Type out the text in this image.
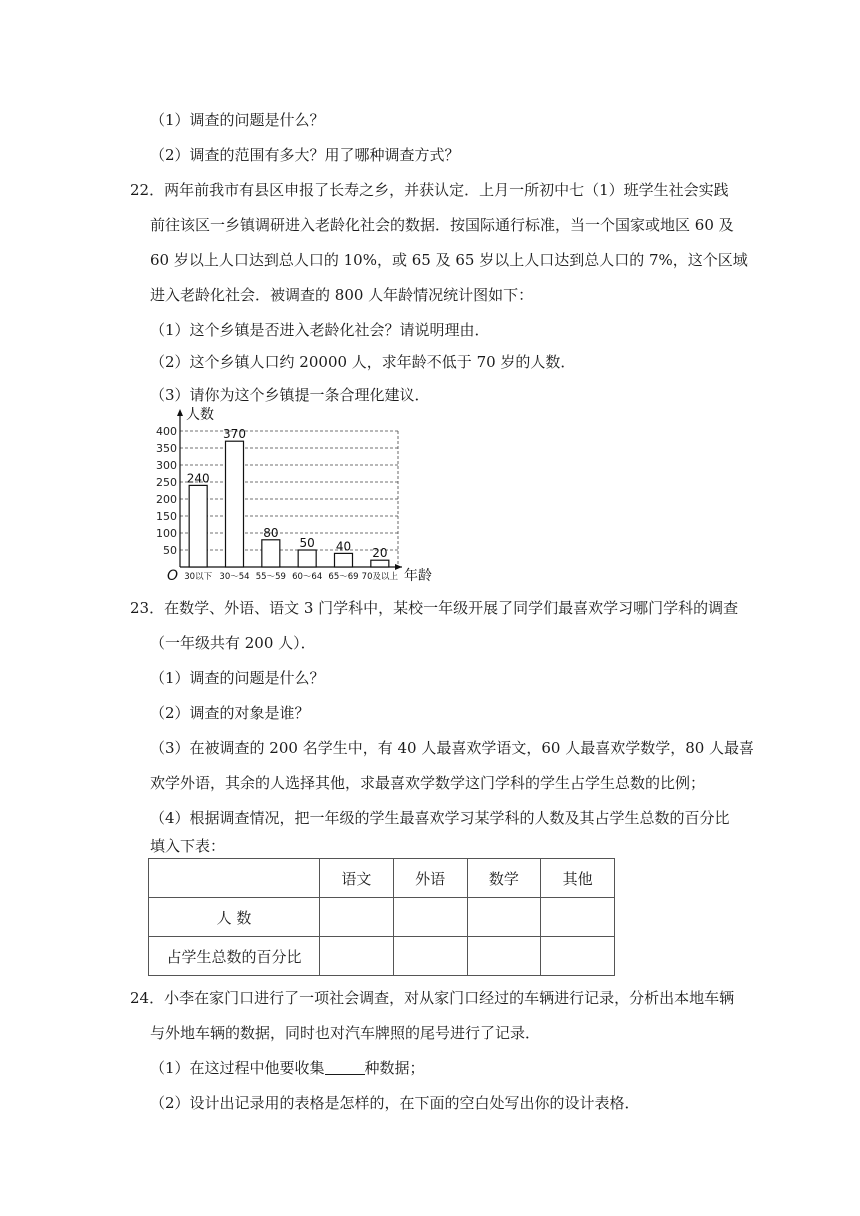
（1）调查的问题是什么？
（2）调查的范围有多大？用了哪种调查方式？
22．两年前我市有县区申报了长寿之乡，并获认定．上月一所初中七（1）班学生社会实践
前往该区一乡镇调研进入老龄化社会的数据．按国际通行标准，当一个国家或地区 60 及
60 岁以上人口达到总人口的 10%，或 65 及 65 岁以上人口达到总人口的 7%，这个区域
进入老龄化社会．被调查的 800 人年龄情况统计图如下：
（1）这个乡镇是否进入老龄化社会？请说明理由．
（2）这个乡镇人口约 20000 人，求年龄不低于 70 岁的人数．
（3）请你为这个乡镇提一条合理化建议．
50
100
150
200
250
300
350
400
人数
年龄
O
240
30以下
370
30～54
80
55～59
50
60～64
40
65～69
20
70及以上
23．在数学、外语、语文 3 门学科中，某校一年级开展了同学们最喜欢学习哪门学科的调查
（一年级共有 200 人）．
（1）调查的问题是什么？
（2）调查的对象是谁？
（3）在被调查的 200 名学生中，有 40 人最喜欢学语文，60 人最喜欢学数学，80 人最喜
欢学外语，其余的人选择其他，求最喜欢学数学这门学科的学生占学生总数的比例；
（4）根据调查情况，把一年级的学生最喜欢学习某学科的人数及其占学生总数的百分比
填入下表：
	语文	外语	数学	其他
人 数				
占学生总数的百分比				
24．小李在家门口进行了一项社会调查，对从家门口经过的车辆进行记录，分析出本地车辆
与外地车辆的数据，同时也对汽车牌照的尾号进行了记录．
（1）在这过程中他要收集	种数据；
（2）设计出记录用的表格是怎样的，在下面的空白处写出你的设计表格．
